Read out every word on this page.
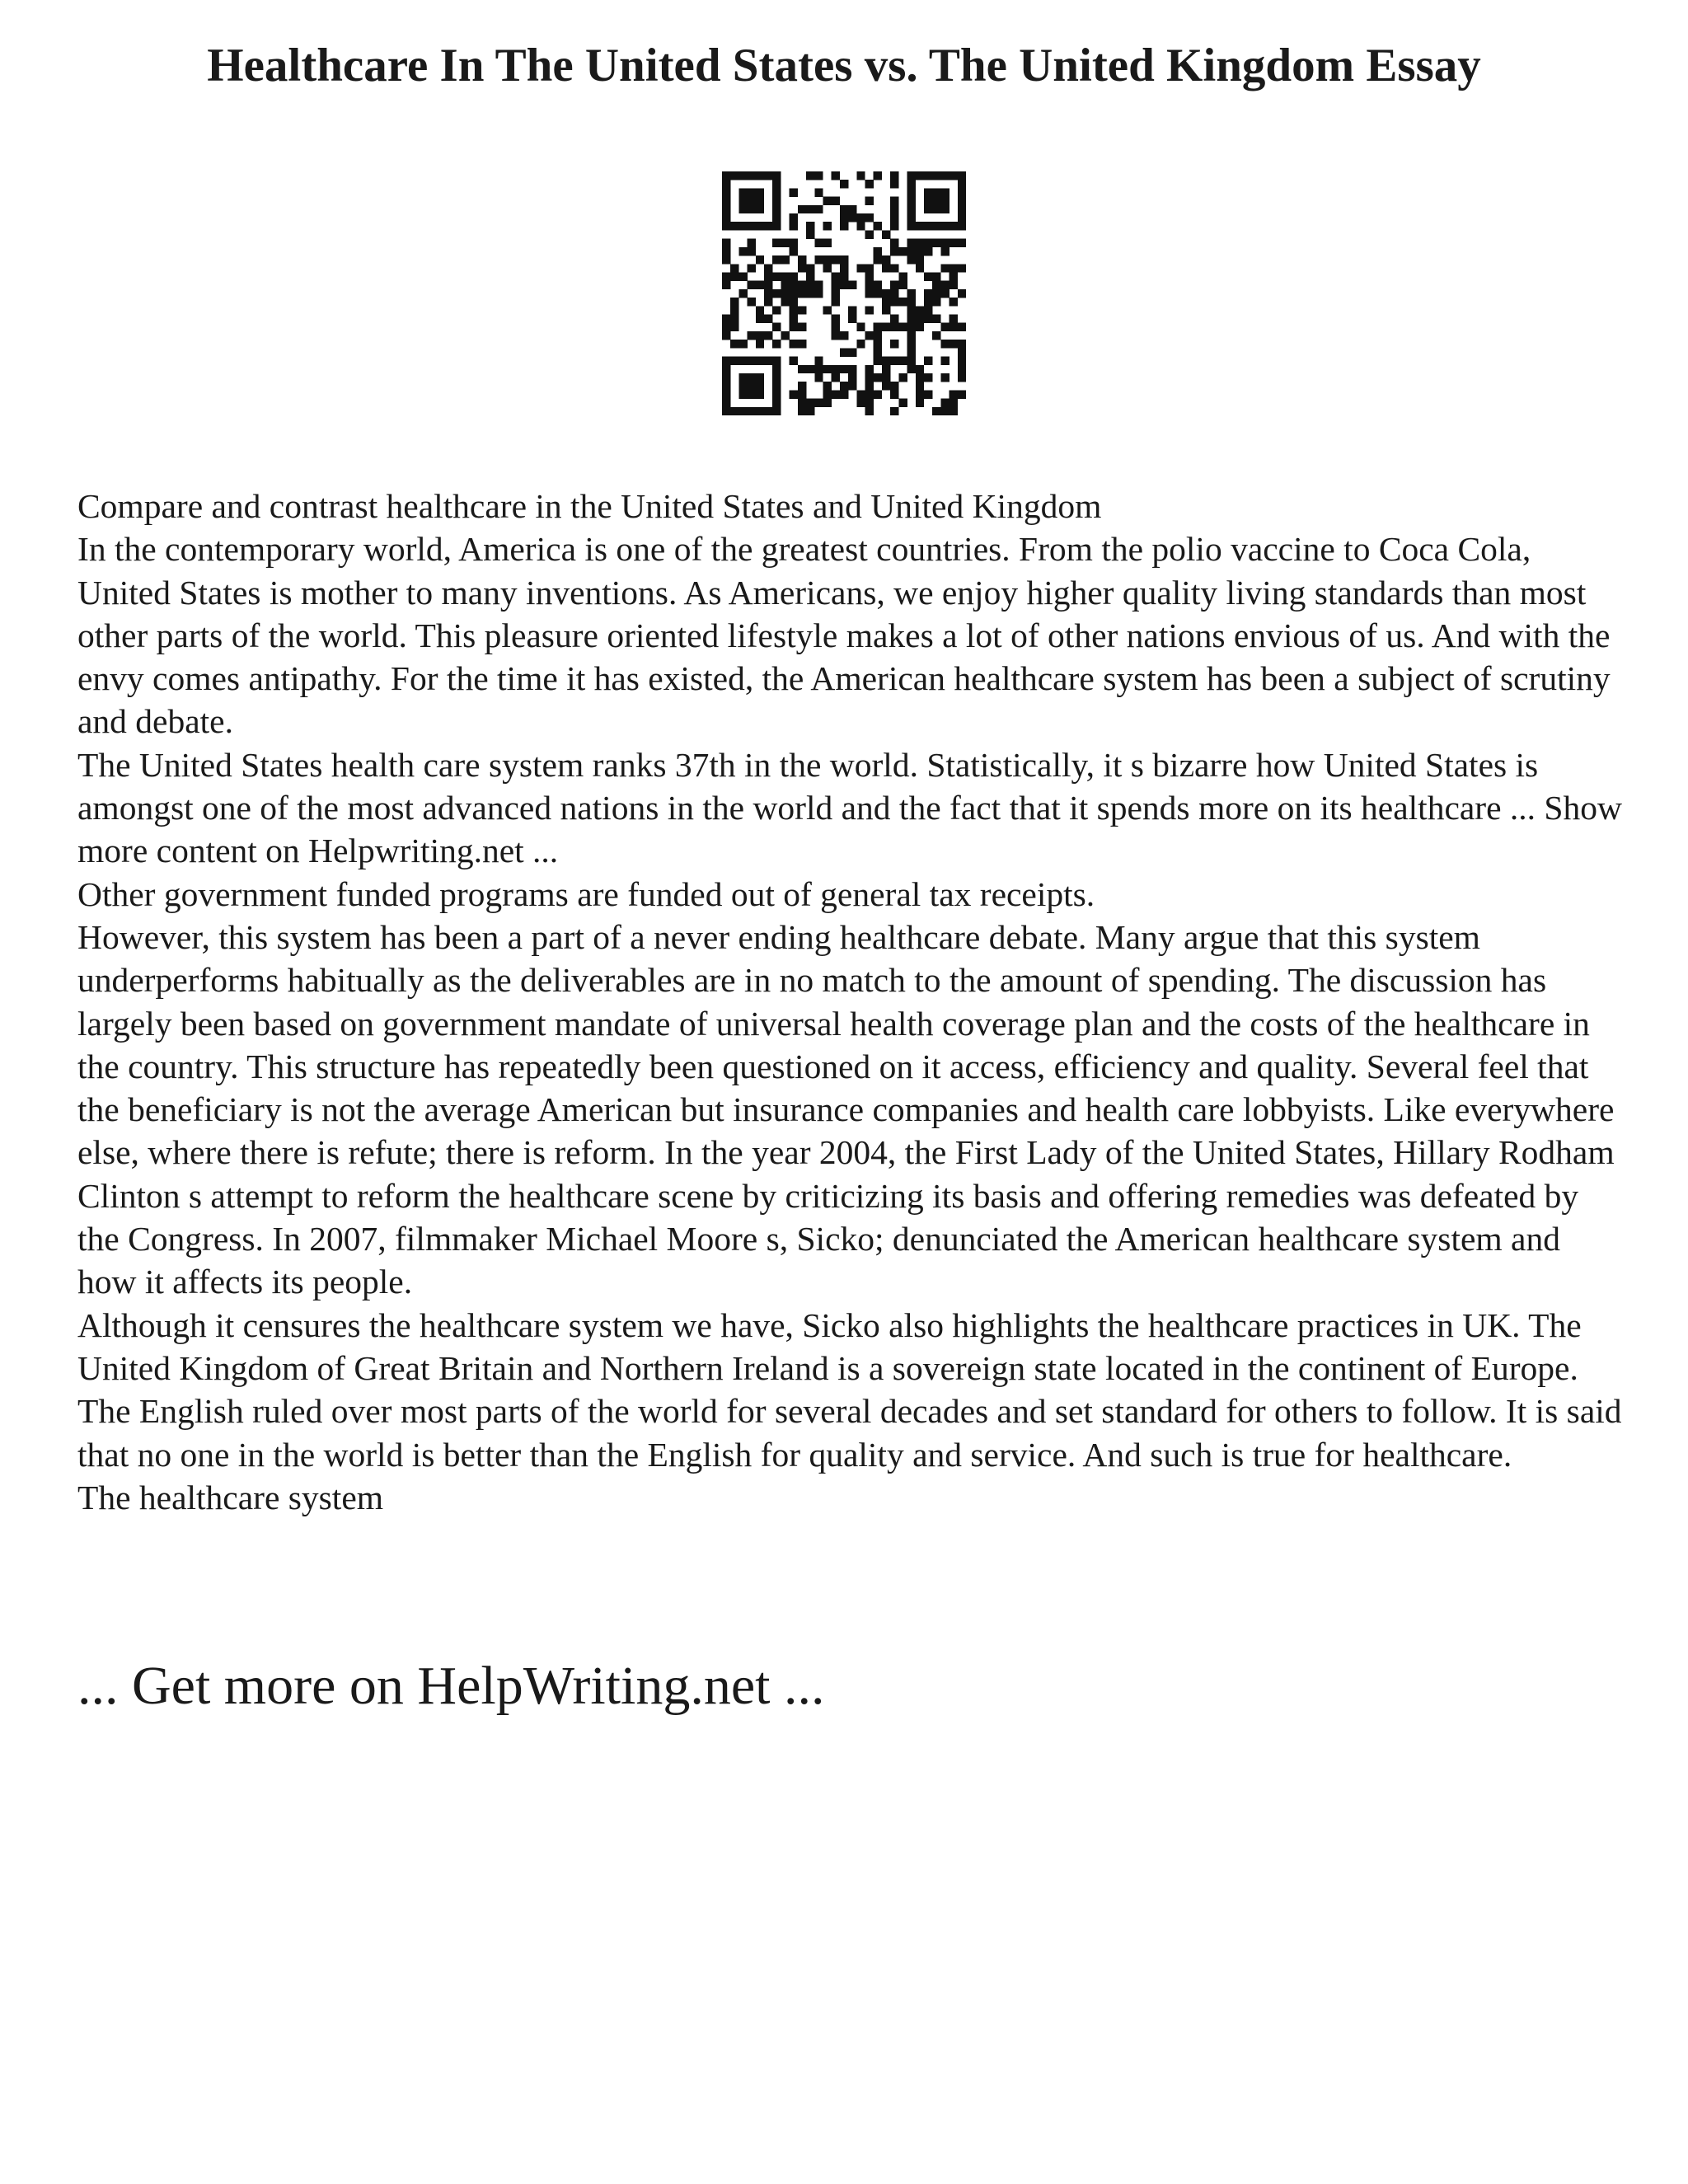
Healthcare In The United States vs. The United Kingdom Essay

Compare and contrast healthcare in the United States and United Kingdom

In the contemporary world, America is one of the greatest countries. From the polio vaccine to Coca Cola, United States is mother to many inventions. As Americans, we enjoy higher quality living standards than most other parts of the world. This pleasure oriented lifestyle makes a lot of other nations envious of us. And with the envy comes antipathy. For the time it has existed, the American healthcare system has been a subject of scrutiny and debate.

The United States health care system ranks 37th in the world. Statistically, it s bizarre how United States is amongst one of the most advanced nations in the world and the fact that it spends more on its healthcare ... Show more content on Helpwriting.net ...

Other government funded programs are funded out of general tax receipts.

However, this system has been a part of a never ending healthcare debate. Many argue that this system underperforms habitually as the deliverables are in no match to the amount of spending. The discussion has largely been based on government mandate of universal health coverage plan and the costs of the healthcare in the country. This structure has repeatedly been questioned on it access, efficiency and quality. Several feel that the beneficiary is not the average American but insurance companies and health care lobbyists. Like everywhere else, where there is refute; there is reform. In the year 2004, the First Lady of the United States, Hillary Rodham Clinton s attempt to reform the healthcare scene by criticizing its basis and offering remedies was defeated by the Congress. In 2007, filmmaker Michael Moore s, Sicko; denunciated the American healthcare system and how it affects its people.

Although it censures the healthcare system we have, Sicko also highlights the healthcare practices in UK. The United Kingdom of Great Britain and Northern Ireland is a sovereign state located in the continent of Europe. The English ruled over most parts of the world for several decades and set standard for others to follow. It is said that no one in the world is better than the English for quality and service. And such is true for healthcare.

The healthcare system

... Get more on HelpWriting.net ...
